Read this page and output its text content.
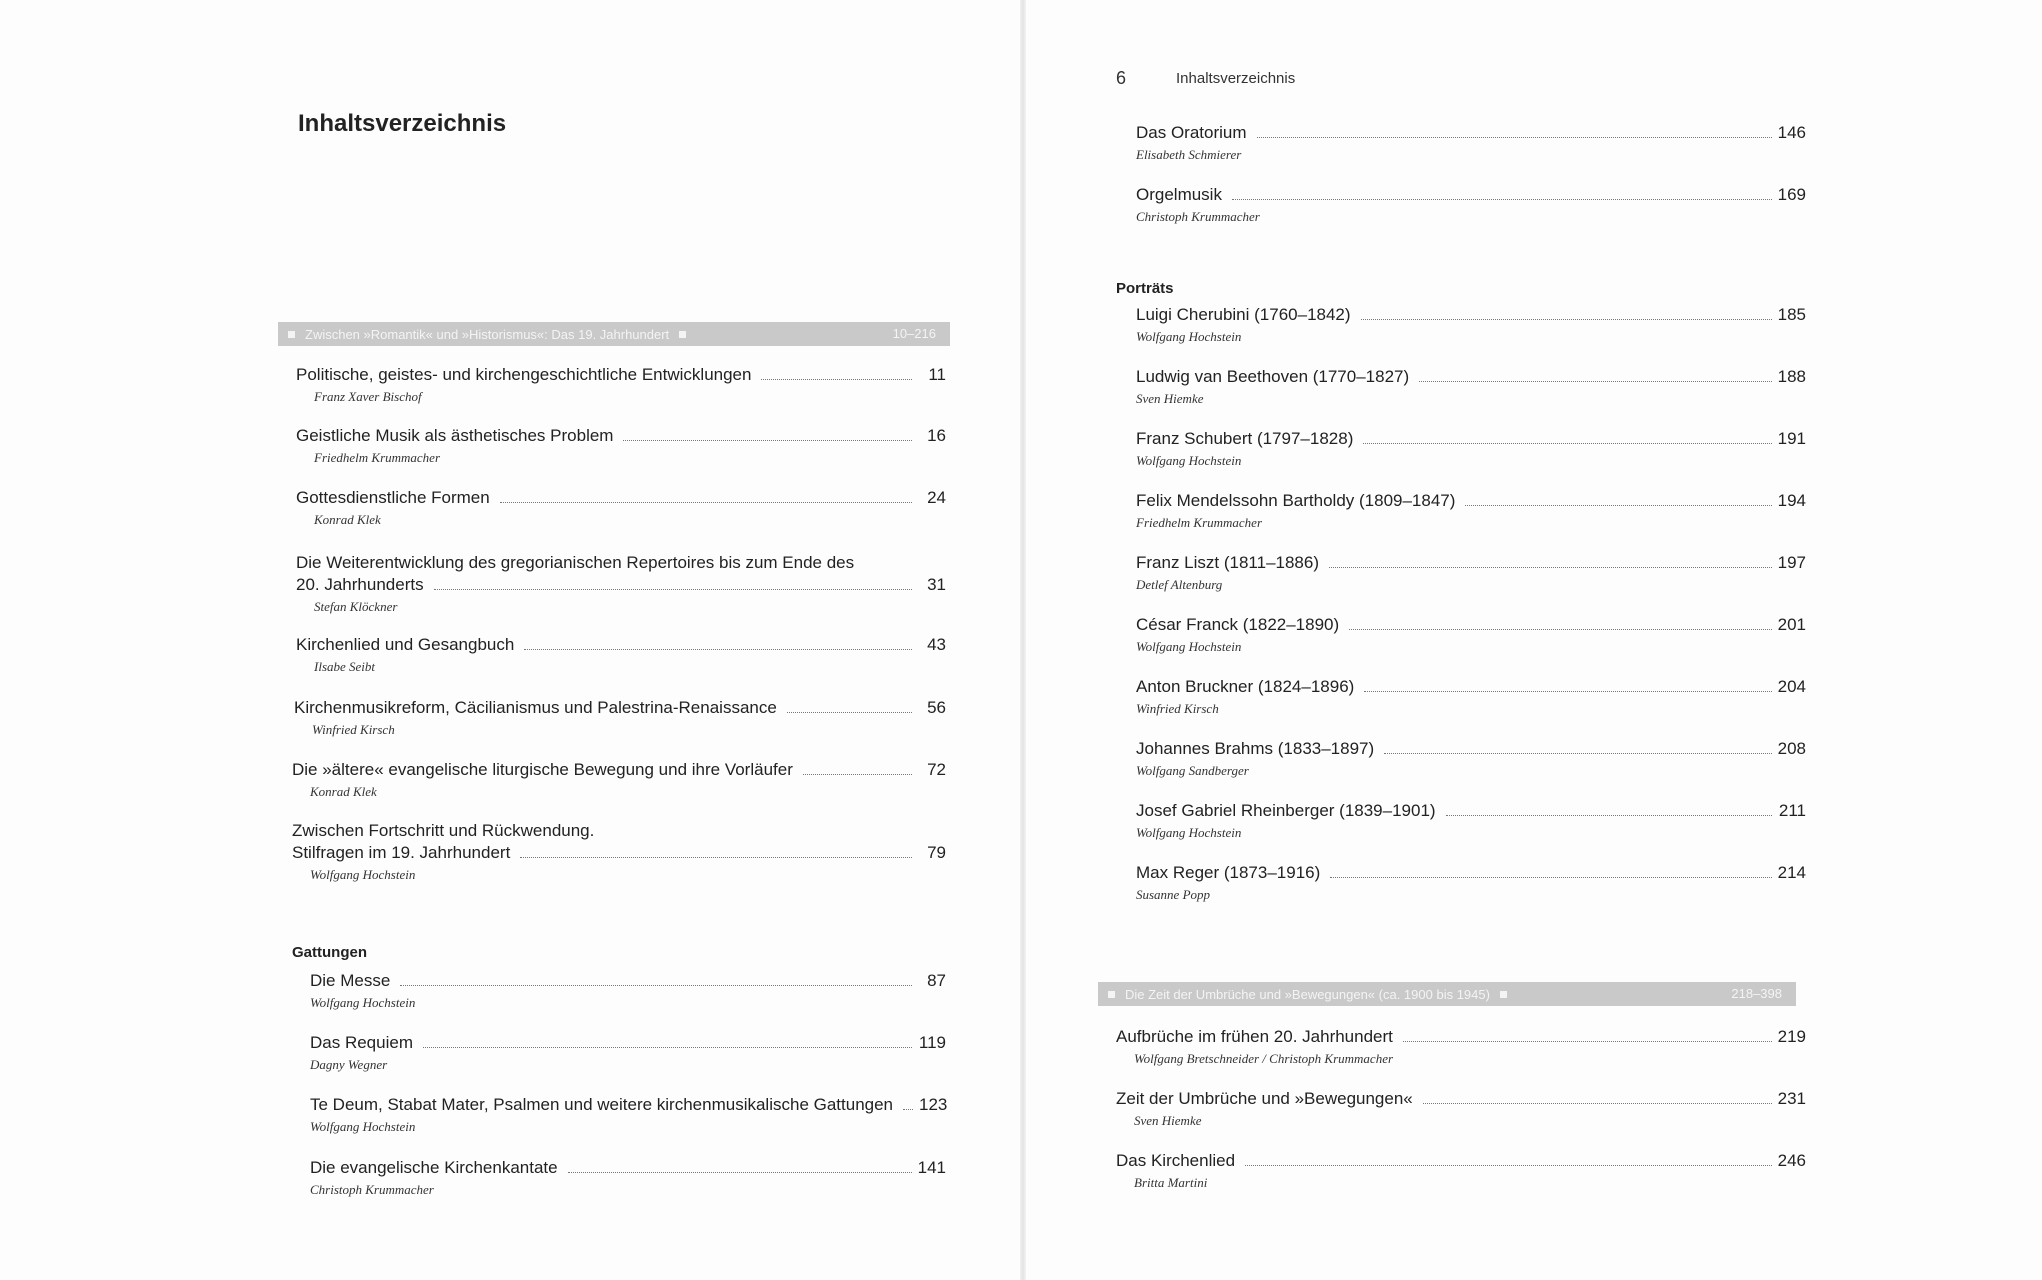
Inhaltsverzeichnis
Zwischen »Romantik« und »Historismus«: Das 19. Jahrhundert	10–216
Politische, geistes- und kirchengeschichtliche Entwicklungen	11
Franz Xaver Bischof
Geistliche Musik als ästhetisches Problem	16
Friedhelm Krummacher
Gottesdienstliche Formen	24
Konrad Klek
Die Weiterentwicklung des gregorianischen Repertoires bis zum Ende des
20. Jahrhunderts	31
Stefan Klöckner
Kirchenlied und Gesangbuch	43
Ilsabe Seibt
Kirchenmusikreform, Cäcilianismus und Palestrina-Renaissance	56
Winfried Kirsch
Die »ältere« evangelische liturgische Bewegung und ihre Vorläufer	72
Konrad Klek
Zwischen Fortschritt und Rückwendung.
Stilfragen im 19. Jahrhundert	79
Wolfgang Hochstein
Gattungen
Die Messe	87
Wolfgang Hochstein
Das Requiem	119
Dagny Wegner
Te Deum, Stabat Mater, Psalmen und weitere kirchenmusikalische Gattungen 123
Wolfgang Hochstein
Die evangelische Kirchenkantate	141
Christoph Krummacher
6	Inhaltsverzeichnis
Das Oratorium	146
Elisabeth Schmierer
Orgelmusik	169
Christoph Krummacher
Porträts
Luigi Cherubini (1760–1842)	185
Wolfgang Hochstein
Ludwig van Beethoven (1770–1827)	188
Sven Hiemke
Franz Schubert (1797–1828)	191
Wolfgang Hochstein
Felix Mendelssohn Bartholdy (1809–1847)	194
Friedhelm Krummacher
Franz Liszt (1811–1886)	197
Detlef Altenburg
César Franck (1822–1890)	201
Wolfgang Hochstein
Anton Bruckner (1824–1896)	204
Winfried Kirsch
Johannes Brahms (1833–1897)	208
Wolfgang Sandberger
Josef Gabriel Rheinberger (1839–1901)	211
Wolfgang Hochstein
Max Reger (1873–1916)	214
Susanne Popp
Die Zeit der Umbrüche und »Bewegungen« (ca. 1900 bis 1945)	218–398
Aufbrüche im frühen 20. Jahrhundert	219
Wolfgang Bretschneider / Christoph Krummacher
Zeit der Umbrüche und »Bewegungen«	231
Sven Hiemke
Das Kirchenlied	246
Britta Martini
